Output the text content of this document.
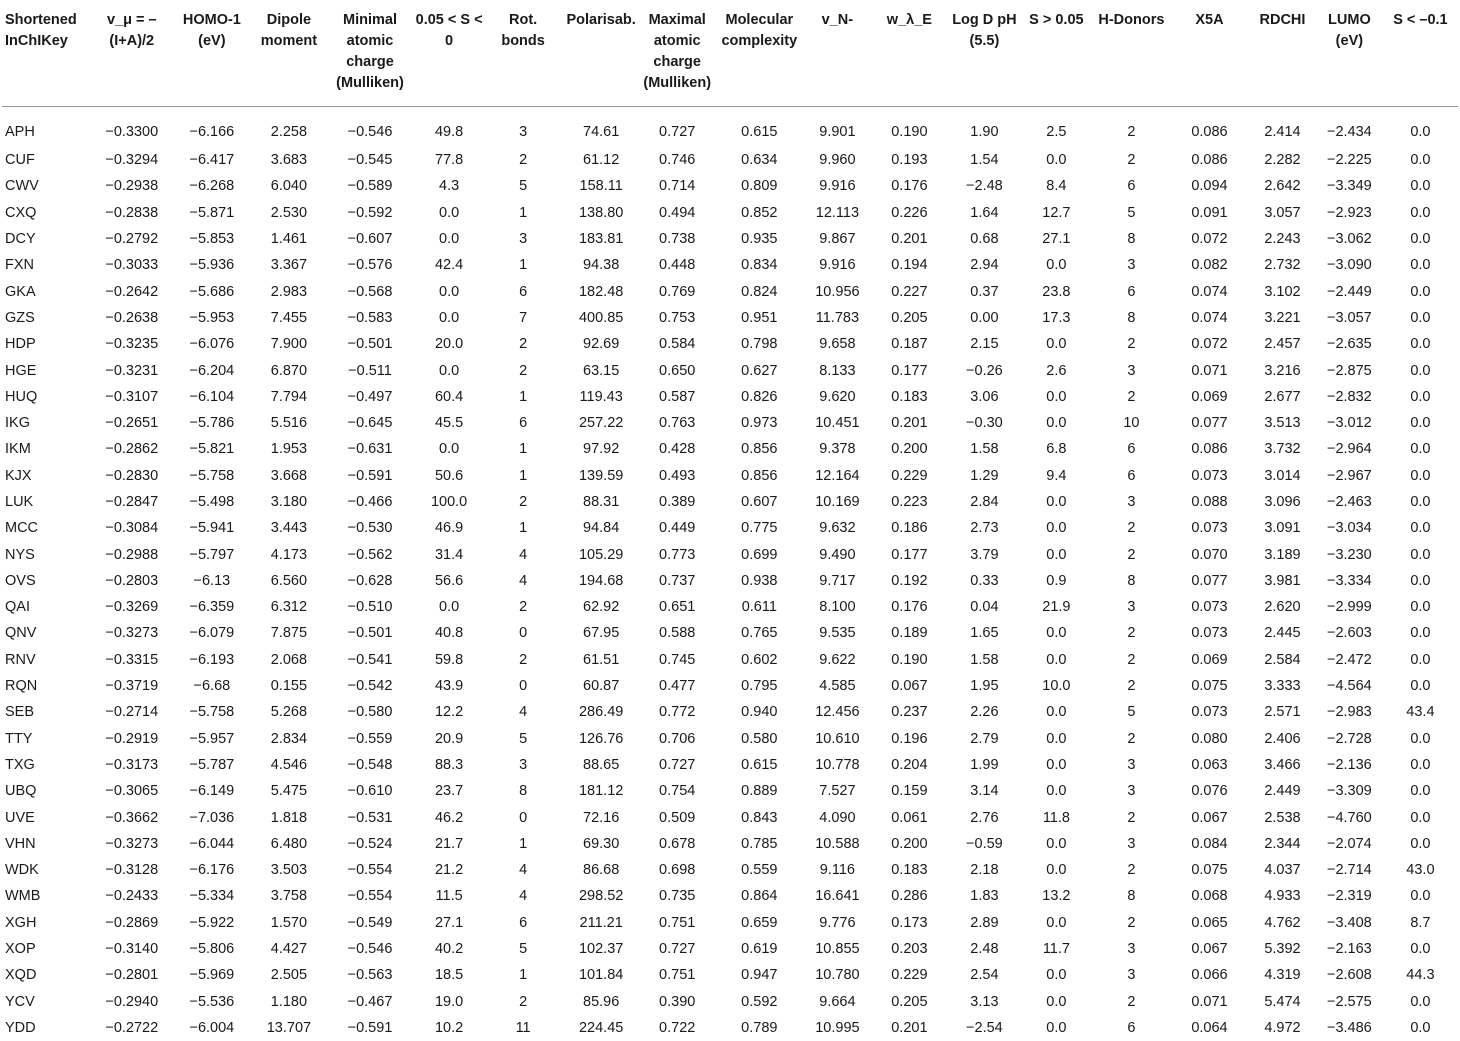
Shortened InChIKey	v_μ = –(I+A)/2	HOMO-1 (eV)	Dipole moment	Minimal atomic charge (Mulliken)	0.05 < S < 0	Rot. bonds	Polarisab.	Maximal atomic charge (Mulliken)	Molecular complexity	v_N-	w_λ_E	Log D pH (5.5)	S > 0.05	H-Donors	X5A	RDCHI	LUMO (eV)	S < –0.1
APH	−0.3300	−6.166	2.258	−0.546	49.8	3	74.61	0.727	0.615	9.901	0.190	1.90	2.5	2	0.086	2.414	−2.434	0.0
CUF	−0.3294	−6.417	3.683	−0.545	77.8	2	61.12	0.746	0.634	9.960	0.193	1.54	0.0	2	0.086	2.282	−2.225	0.0
CWV	−0.2938	−6.268	6.040	−0.589	4.3	5	158.11	0.714	0.809	9.916	0.176	−2.48	8.4	6	0.094	2.642	−3.349	0.0
CXQ	−0.2838	−5.871	2.530	−0.592	0.0	1	138.80	0.494	0.852	12.113	0.226	1.64	12.7	5	0.091	3.057	−2.923	0.0
DCY	−0.2792	−5.853	1.461	−0.607	0.0	3	183.81	0.738	0.935	9.867	0.201	0.68	27.1	8	0.072	2.243	−3.062	0.0
FXN	−0.3033	−5.936	3.367	−0.576	42.4	1	94.38	0.448	0.834	9.916	0.194	2.94	0.0	3	0.082	2.732	−3.090	0.0
GKA	−0.2642	−5.686	2.983	−0.568	0.0	6	182.48	0.769	0.824	10.956	0.227	0.37	23.8	6	0.074	3.102	−2.449	0.0
GZS	−0.2638	−5.953	7.455	−0.583	0.0	7	400.85	0.753	0.951	11.783	0.205	0.00	17.3	8	0.074	3.221	−3.057	0.0
HDP	−0.3235	−6.076	7.900	−0.501	20.0	2	92.69	0.584	0.798	9.658	0.187	2.15	0.0	2	0.072	2.457	−2.635	0.0
HGE	−0.3231	−6.204	6.870	−0.511	0.0	2	63.15	0.650	0.627	8.133	0.177	−0.26	2.6	3	0.071	3.216	−2.875	0.0
HUQ	−0.3107	−6.104	7.794	−0.497	60.4	1	119.43	0.587	0.826	9.620	0.183	3.06	0.0	2	0.069	2.677	−2.832	0.0
IKG	−0.2651	−5.786	5.516	−0.645	45.5	6	257.22	0.763	0.973	10.451	0.201	−0.30	0.0	10	0.077	3.513	−3.012	0.0
IKM	−0.2862	−5.821	1.953	−0.631	0.0	1	97.92	0.428	0.856	9.378	0.200	1.58	6.8	6	0.086	3.732	−2.964	0.0
KJX	−0.2830	−5.758	3.668	−0.591	50.6	1	139.59	0.493	0.856	12.164	0.229	1.29	9.4	6	0.073	3.014	−2.967	0.0
LUK	−0.2847	−5.498	3.180	−0.466	100.0	2	88.31	0.389	0.607	10.169	0.223	2.84	0.0	3	0.088	3.096	−2.463	0.0
MCC	−0.3084	−5.941	3.443	−0.530	46.9	1	94.84	0.449	0.775	9.632	0.186	2.73	0.0	2	0.073	3.091	−3.034	0.0
NYS	−0.2988	−5.797	4.173	−0.562	31.4	4	105.29	0.773	0.699	9.490	0.177	3.79	0.0	2	0.070	3.189	−3.230	0.0
OVS	−0.2803	−6.13	6.560	−0.628	56.6	4	194.68	0.737	0.938	9.717	0.192	0.33	0.9	8	0.077	3.981	−3.334	0.0
QAI	−0.3269	−6.359	6.312	−0.510	0.0	2	62.92	0.651	0.611	8.100	0.176	0.04	21.9	3	0.073	2.620	−2.999	0.0
QNV	−0.3273	−6.079	7.875	−0.501	40.8	0	67.95	0.588	0.765	9.535	0.189	1.65	0.0	2	0.073	2.445	−2.603	0.0
RNV	−0.3315	−6.193	2.068	−0.541	59.8	2	61.51	0.745	0.602	9.622	0.190	1.58	0.0	2	0.069	2.584	−2.472	0.0
RQN	−0.3719	−6.68	0.155	−0.542	43.9	0	60.87	0.477	0.795	4.585	0.067	1.95	10.0	2	0.075	3.333	−4.564	0.0
SEB	−0.2714	−5.758	5.268	−0.580	12.2	4	286.49	0.772	0.940	12.456	0.237	2.26	0.0	5	0.073	2.571	−2.983	43.4
TTY	−0.2919	−5.957	2.834	−0.559	20.9	5	126.76	0.706	0.580	10.610	0.196	2.79	0.0	2	0.080	2.406	−2.728	0.0
TXG	−0.3173	−5.787	4.546	−0.548	88.3	3	88.65	0.727	0.615	10.778	0.204	1.99	0.0	3	0.063	3.466	−2.136	0.0
UBQ	−0.3065	−6.149	5.475	−0.610	23.7	8	181.12	0.754	0.889	7.527	0.159	3.14	0.0	3	0.076	2.449	−3.309	0.0
UVE	−0.3662	−7.036	1.818	−0.531	46.2	0	72.16	0.509	0.843	4.090	0.061	2.76	11.8	2	0.067	2.538	−4.760	0.0
VHN	−0.3273	−6.044	6.480	−0.524	21.7	1	69.30	0.678	0.785	10.588	0.200	−0.59	0.0	3	0.084	2.344	−2.074	0.0
WDK	−0.3128	−6.176	3.503	−0.554	21.2	4	86.68	0.698	0.559	9.116	0.183	2.18	0.0	2	0.075	4.037	−2.714	43.0
WMB	−0.2433	−5.334	3.758	−0.554	11.5	4	298.52	0.735	0.864	16.641	0.286	1.83	13.2	8	0.068	4.933	−2.319	0.0
XGH	−0.2869	−5.922	1.570	−0.549	27.1	6	211.21	0.751	0.659	9.776	0.173	2.89	0.0	2	0.065	4.762	−3.408	8.7
XOP	−0.3140	−5.806	4.427	−0.546	40.2	5	102.37	0.727	0.619	10.855	0.203	2.48	11.7	3	0.067	5.392	−2.163	0.0
XQD	−0.2801	−5.969	2.505	−0.563	18.5	1	101.84	0.751	0.947	10.780	0.229	2.54	0.0	3	0.066	4.319	−2.608	44.3
YCV	−0.2940	−5.536	1.180	−0.467	19.0	2	85.96	0.390	0.592	9.664	0.205	3.13	0.0	2	0.071	5.474	−2.575	0.0
YDD	−0.2722	−6.004	13.707	−0.591	10.2	11	224.45	0.722	0.789	10.995	0.201	−2.54	0.0	6	0.064	4.972	−3.486	0.0
